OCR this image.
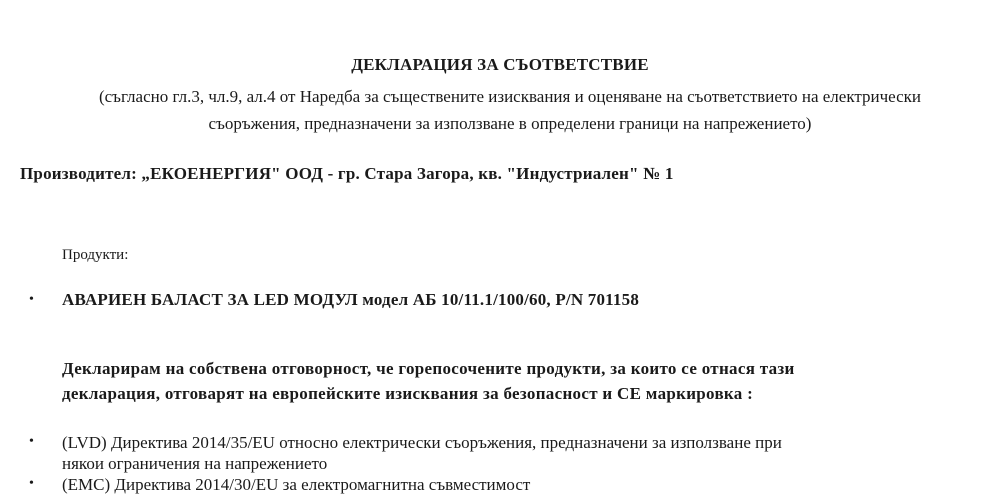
ДЕКЛАРАЦИЯ ЗА СЪОТВЕТСТВИЕ
(съгласно гл.3, чл.9, ал.4 от Наредба за съществените изисквания и оценяване на съответствието на електрически
съоръжения, предназначени за използване в определени граници на напрежението)
Производител: „ЕКОЕНЕРГИЯ" ООД - гр. Стара Загора, кв. "Индустриален" № 1
Продукти:
• АВАРИЕН БАЛАСТ ЗА LED МОДУЛ модел АБ 10/11.1/100/60, P/N 701158
Декларирам на собствена отговорност, че горепосочените продукти, за които се отнася тази
декларация, отговарят на европейските изисквания за безопасност и СЕ маркировка :
• (LVD) Директива 2014/35/EU относно електрически съоръжения, предназначени за използване при
някои ограничения на напрежението
• (EMC) Директива 2014/30/EU за електромагнитна съвместимост
